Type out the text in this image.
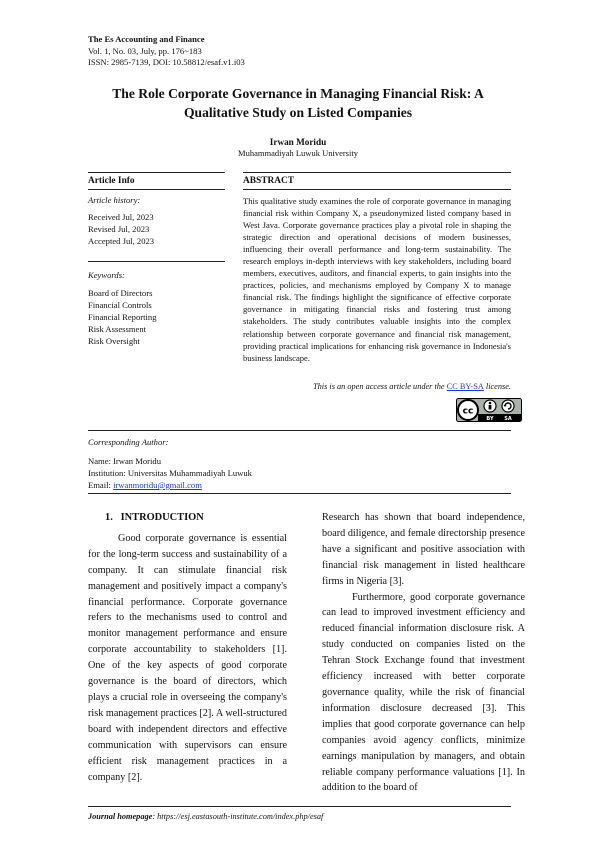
The Es Accounting and Finance
Vol. 1, No. 03, July, pp. 176~183
ISSN: 2985-7139, DOI: 10.58812/esaf.v1.i03
The Role Corporate Governance in Managing Financial Risk: A
Qualitative Study on Listed Companies
Irwan Moridu
Muhammadiyah Luwuk University
Article Info
Article history:
Received Jul, 2023
Revised Jul, 2023
Accepted Jul, 2023
Keywords:
Board of Directors
Financial Controls
Financial Reporting
Risk Assessment
Risk Oversight
ABSTRACT
This qualitative study examines the role of corporate governance in managing financial risk within Company X, a pseudonymized listed company based in West Java. Corporate governance practices play a pivotal role in shaping the strategic direction and operational decisions of modern businesses, influencing their overall performance and long-term sustainability. The research employs in-depth interviews with key stakeholders, including board members, executives, auditors, and financial experts, to gain insights into the practices, policies, and mechanisms employed by Company X to manage financial risk. The findings highlight the significance of effective corporate governance in mitigating financial risks and fostering trust among stakeholders. The study contributes valuable insights into the complex relationship between corporate governance and financial risk management, providing practical implications for enhancing risk governance in Indonesia's business landscape.
This is an open access article under the CC BY-SA license.
cc
BY SA
Corresponding Author:
Name: Irwan Moridu
Institution: Universitas Muhammadiyah Luwuk
Email: irwanmoridu@gmail.com
1.   INTRODUCTION

Good corporate governance is essential for the long-term success and sustainability of a company. It can stimulate financial risk management and positively impact a company's financial performance. Corporate governance refers to the mechanisms used to control and monitor management performance and ensure corporate accountability to stakeholders [1]. One of the key aspects of good corporate governance is the board of directors, which plays a crucial role in overseeing the company's risk management practices [2]. A well-structured board with independent directors and effective communication with supervisors can ensure efficient risk management practices in a company [2].

Research has shown that board independence, board diligence, and female directorship presence have a significant and positive association with financial risk management in listed healthcare firms in Nigeria [3].

Furthermore, good corporate governance can lead to improved investment efficiency and reduced financial information disclosure risk. A study conducted on companies listed on the Tehran Stock Exchange found that investment efficiency increased with better corporate governance quality, while the risk of financial information disclosure decreased [3]. This implies that good corporate governance can help companies avoid agency conflicts, minimize earnings manipulation by managers, and obtain reliable company performance valuations [1]. In addition to the board of

Journal homepage: https://esj.eastasouth-institute.com/index.php/esaf
